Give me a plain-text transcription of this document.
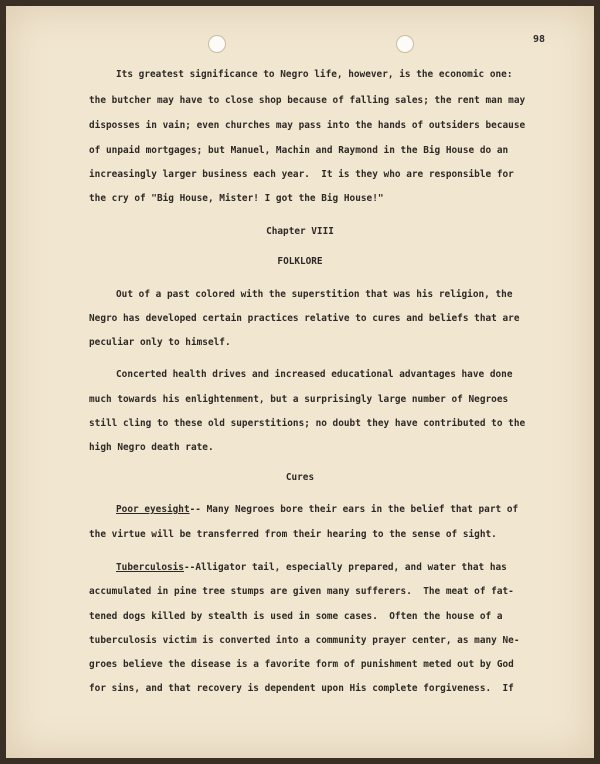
98
Its greatest significance to Negro life, however, is the economic one:
the butcher may have to close shop because of falling sales; the rent man may
disposses in vain; even churches may pass into the hands of outsiders because
of unpaid mortgages; but Manuel, Machin and Raymond in the Big House do an
increasingly larger business each year.  It is they who are responsible for
the cry of "Big House, Mister! I got the Big House!"
Chapter VIII
FOLKLORE
Out of a past colored with the superstition that was his religion, the
Negro has developed certain practices relative to cures and beliefs that are
peculiar only to himself.
Concerted health drives and increased educational advantages have done
much towards his enlightenment, but a surprisingly large number of Negroes
still cling to these old superstitions; no doubt they have contributed to the
high Negro death rate.
Cures
Poor eyesight-- Many Negroes bore their ears in the belief that part of
the virtue will be transferred from their hearing to the sense of sight.
Tuberculosis--Alligator tail, especially prepared, and water that has
accumulated in pine tree stumps are given many sufferers.  The meat of fat-
tened dogs killed by stealth is used in some cases.  Often the house of a
tuberculosis victim is converted into a community prayer center, as many Ne-
groes believe the disease is a favorite form of punishment meted out by God
for sins, and that recovery is dependent upon His complete forgiveness.  If
